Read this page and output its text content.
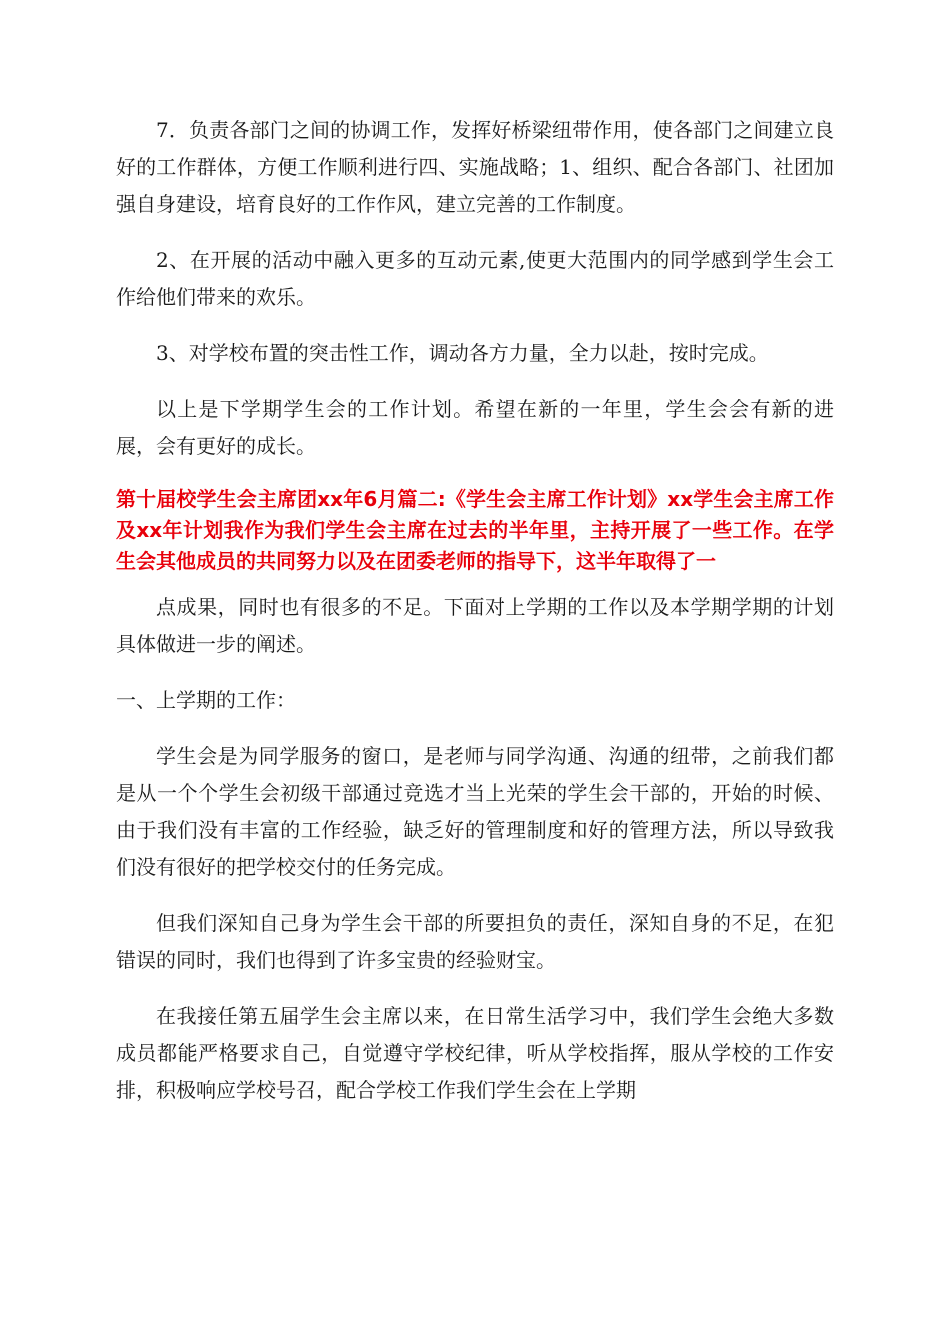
7．负责各部门之间的协调工作，发挥好桥梁纽带作用，使各部门之间建立良好的工作群体，方便工作顺利进行四、实施战略；1、组织、配合各部门、社团加强自身建设，培育良好的工作作风，建立完善的工作制度。

2、在开展的活动中融入更多的互动元素,使更大范围内的同学感到学生会工作给他们带来的欢乐。

3、对学校布置的突击性工作，调动各方力量，全力以赴，按时完成。

以上是下学期学生会的工作计划。希望在新的一年里，学生会会有新的进展，会有更好的成长。

第十届校学生会主席团xx年6月篇二:《学生会主席工作计划》xx学生会主席工作及xx年计划我作为我们学生会主席在过去的半年里，主持开展了一些工作。在学生会其他成员的共同努力以及在团委老师的指导下，这半年取得了一

点成果，同时也有很多的不足。下面对上学期的工作以及本学期学期的计划具体做进一步的阐述。

一、上学期的工作：

学生会是为同学服务的窗口，是老师与同学沟通、沟通的纽带，之前我们都是从一个个学生会初级干部通过竞选才当上光荣的学生会干部的，开始的时候、由于我们没有丰富的工作经验，缺乏好的管理制度和好的管理方法，所以导致我们没有很好的把学校交付的任务完成。

但我们深知自己身为学生会干部的所要担负的责任，深知自身的不足，在犯错误的同时，我们也得到了许多宝贵的经验财宝。

在我接任第五届学生会主席以来，在日常生活学习中，我们学生会绝大多数成员都能严格要求自己，自觉遵守学校纪律，听从学校指挥，服从学校的工作安排，积极响应学校号召，配合学校工作我们学生会在上学期
